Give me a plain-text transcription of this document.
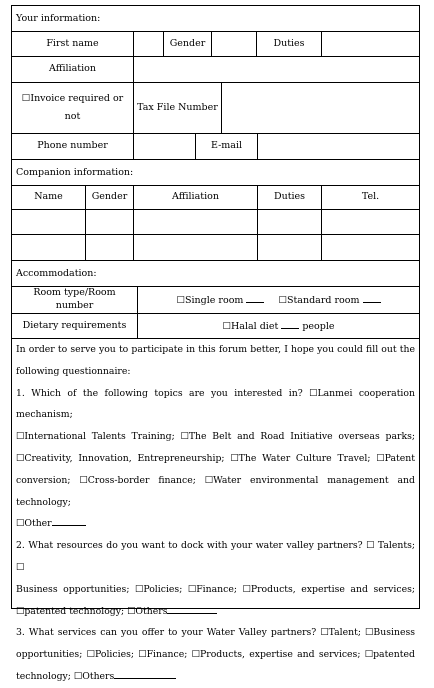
Your information:
First name	Gender	Duties
Affiliation
☐Invoice required or
not
Tax File Number
Phone number	E-mail
Companion information:
Name	Gender	Affiliation	Duties	Tel.
Accommodation:
Room type/Room number	☐Single room	☐Standard room
Dietary requirements	☐Halal diet	people
In order to serve you to participate in this forum better, I hope you could fill out the
following questionnaire:
1. Which of the following topics are you interested in? ☐Lanmei cooperation mechanism;
☐International Talents Training; ☐The Belt and Road Initiative overseas parks;
☐Creativity, Innovation, Entrepreneurship; ☐The Water Culture Travel; ☐Patent
conversion; ☐Cross-border finance; ☐Water environmental management and technology;
☐Other
2. What resources do you want to dock with your water valley partners? ☐ Talents; ☐
Business opportunities; ☐Policies; ☐Finance; ☐Products, expertise and services;
☐patented technology; ☐Others
3. What services can you offer to your Water Valley partners? ☐Talent; ☐Business
opportunities; ☐Policies; ☐Finance; ☐Products, expertise and services; ☐patented
technology; ☐Others
